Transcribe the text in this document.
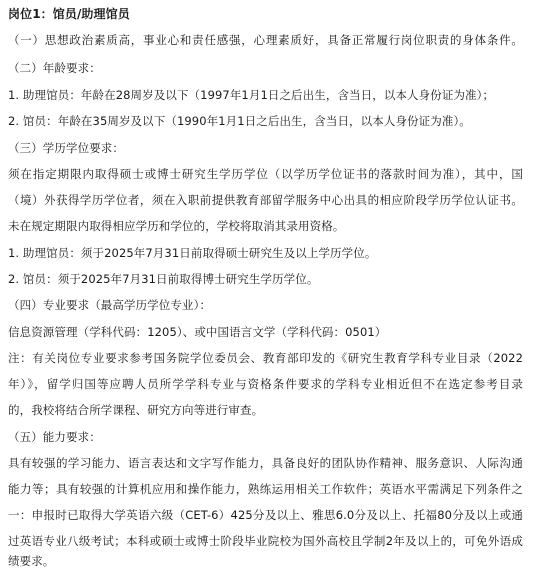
岗位1：馆员/助理馆员
（一）思想政治素质高，事业心和责任感强，心理素质好，具备正常履行岗位职责的身体条件。
（二）年龄要求：
1. 助理馆员：年龄在28周岁及以下（1997年1月1日之后出生，含当日，以本人身份证为准）；
2. 馆员：年龄在35周岁及以下（1990年1月1日之后出生，含当日，以本人身份证为准）。
（三）学历学位要求：
须在指定期限内取得硕士或博士研究生学历学位（以学历学位证书的落款时间为准），其中，国
（境）外获得学历学位者，须在入职前提供教育部留学服务中心出具的相应阶段学历学位认证书。
未在规定期限内取得相应学历和学位的，学校将取消其录用资格。
1. 助理馆员：须于2025年7月31日前取得硕士研究生及以上学历学位。
2. 馆员：须于2025年7月31日前取得博士研究生学历学位。
（四）专业要求（最高学历学位专业）：
信息资源管理（学科代码：1205）、或中国语言文学（学科代码：0501）
注：有关岗位专业要求参考国务院学位委员会、教育部印发的《研究生教育学科专业目录（2022
年）》，留学归国等应聘人员所学学科专业与资格条件要求的学科专业相近但不在选定参考目录
的，我校将结合所学课程、研究方向等进行审查。
（五）能力要求：
具有较强的学习能力、语言表达和文字写作能力，具备良好的团队协作精神、服务意识、人际沟通
能力等；具有较强的计算机应用和操作能力，熟练运用相关工作软件；英语水平需满足下列条件之
一：申报时已取得大学英语六级（CET-6）425分及以上、雅思6.0分及以上、托福80分及以上或通
过英语专业八级考试；本科或硕士或博士阶段毕业院校为国外高校且学制2年及以上的，可免外语成
绩要求。
